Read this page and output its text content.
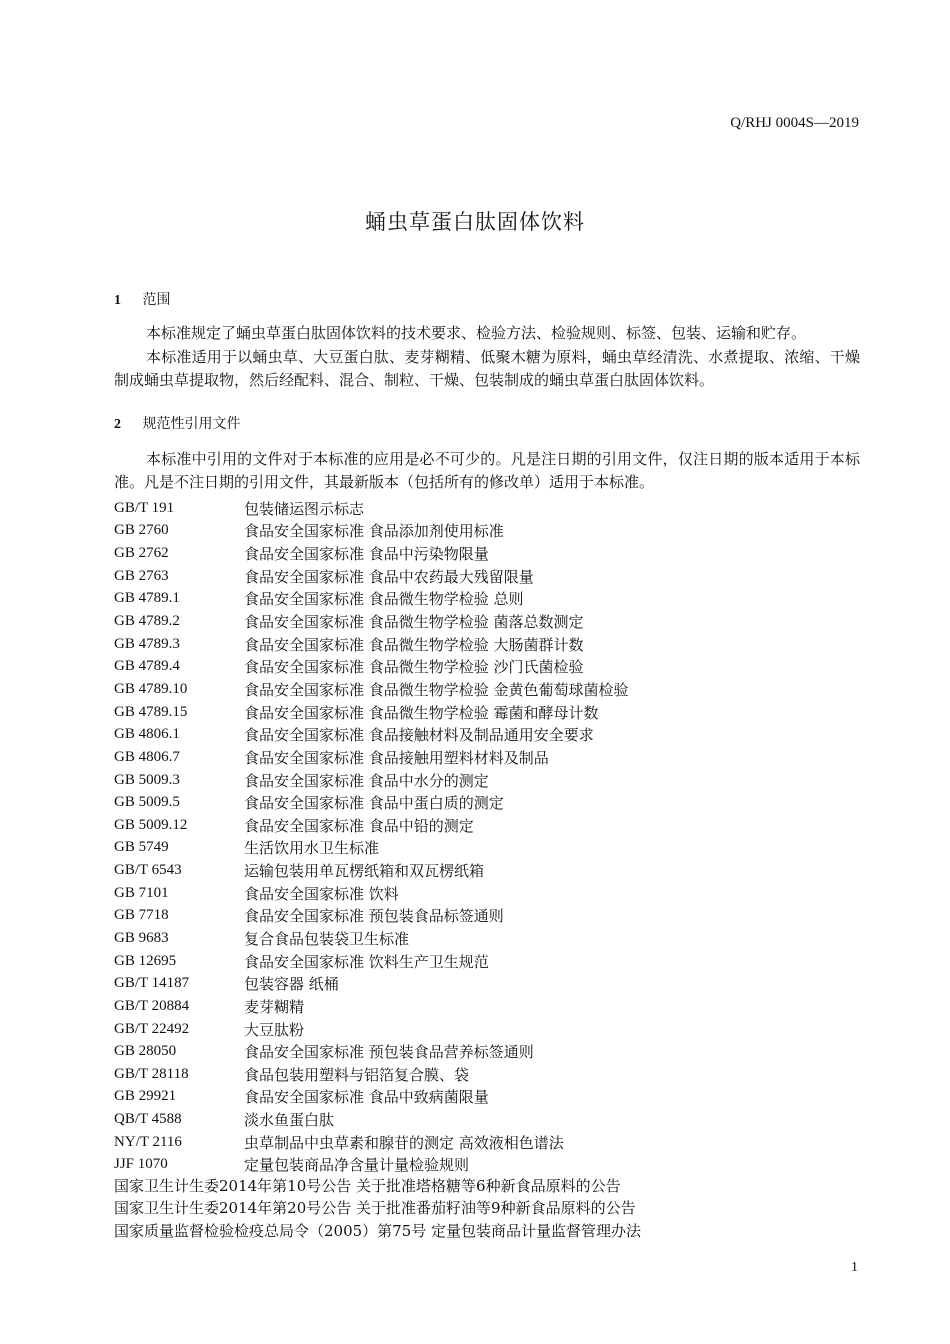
Q/RHJ 0004S—2019
蛹虫草蛋白肽固体饮料
1 范围

本标准规定了蛹虫草蛋白肽固体饮料的技术要求、检验方法、检验规则、标签、包装、运输和贮存。

本标准适用于以蛹虫草、大豆蛋白肽、麦芽糊精、低聚木糖为原料，蛹虫草经清洗、水煮提取、浓缩、干燥制成蛹虫草提取物，然后经配料、混合、制粒、干燥、包装制成的蛹虫草蛋白肽固体饮料。

2 规范性引用文件

本标准中引用的文件对于本标准的应用是必不可少的。凡是注日期的引用文件，仅注日期的版本适用于本标准。凡是不注日期的引用文件，其最新版本（包括所有的修改单）适用于本标准。

GB/T 191	包装储运图示标志
GB 2760	食品安全国家标准 食品添加剂使用标准
GB 2762	食品安全国家标准 食品中污染物限量
GB 2763	食品安全国家标准 食品中农药最大残留限量
GB 4789.1	食品安全国家标准 食品微生物学检验 总则
GB 4789.2	食品安全国家标准 食品微生物学检验 菌落总数测定
GB 4789.3	食品安全国家标准 食品微生物学检验 大肠菌群计数
GB 4789.4	食品安全国家标准 食品微生物学检验 沙门氏菌检验
GB 4789.10	食品安全国家标准 食品微生物学检验 金黄色葡萄球菌检验
GB 4789.15	食品安全国家标准 食品微生物学检验 霉菌和酵母计数
GB 4806.1	食品安全国家标准 食品接触材料及制品通用安全要求
GB 4806.7	食品安全国家标准 食品接触用塑料材料及制品
GB 5009.3	食品安全国家标准 食品中水分的测定
GB 5009.5	食品安全国家标准 食品中蛋白质的测定
GB 5009.12	食品安全国家标准 食品中铅的测定
GB 5749	生活饮用水卫生标准
GB/T 6543	运输包装用单瓦楞纸箱和双瓦楞纸箱
GB 7101	食品安全国家标准 饮料
GB 7718	食品安全国家标准 预包装食品标签通则
GB 9683	复合食品包装袋卫生标准
GB 12695	食品安全国家标准 饮料生产卫生规范
GB/T 14187	包装容器 纸桶
GB/T 20884	麦芽糊精
GB/T 22492	大豆肽粉
GB 28050	食品安全国家标准 预包装食品营养标签通则
GB/T 28118	食品包装用塑料与铝箔复合膜、袋
GB 29921	食品安全国家标准 食品中致病菌限量
QB/T 4588	淡水鱼蛋白肽
NY/T 2116	虫草制品中虫草素和腺苷的测定 高效液相色谱法
JJF 1070	定量包装商品净含量计量检验规则
国家卫生计生委2014年第10号公告 关于批准塔格糖等6种新食品原料的公告
国家卫生计生委2014年第20号公告 关于批准番茄籽油等9种新食品原料的公告
国家质量监督检验检疫总局令（2005）第75号 定量包装商品计量监督管理办法
1
